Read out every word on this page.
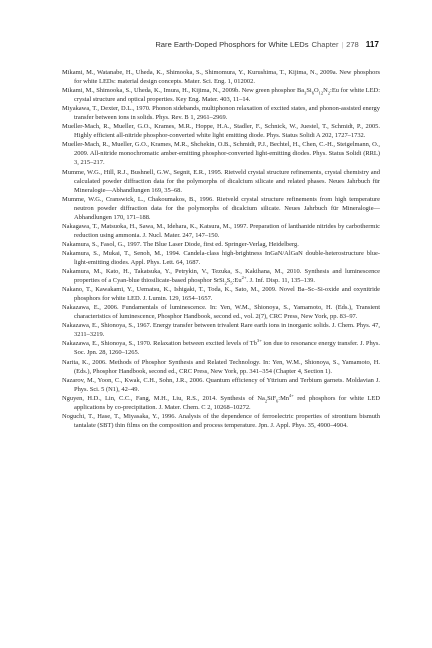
Rare Earth-Doped Phosphors for White LEDs Chapter | 278 117
Mikami, M., Watanabe, H., Uheda, K., Shimooka, S., Shimomura, Y., Kurushima, T., Kijima, N., 2009a. New phosphors for white LEDs: material design concepts. Mater. Sci. Eng. 1, 012002.
Mikami, M., Shimooka, S., Uheda, K., Imura, H., Kijima, N., 2009b. New green phosphor $Ba_3Si_6O_{12}N_2:Eu$ for white LED: crystal structure and optical properties. Key Eng. Mater. 403, 11–14.
Miyakawa, T., Dexter, D.L., 1970. Phonon sidebands, multiphonon relaxation of excited states, and phonon-assisted energy transfer between ions in solids. Phys. Rev. B 1, 2961–2969.
Mueller-Mach, R., Mueller, G.O., Krames, M.R., Hoppe, H.A., Stadler, F., Schnick, W., Juestel, T., Schmidt, P., 2005. Highly efficient all-nitride phosphor-converted white light emitting diode. Phys. Status Solidi A 202, 1727–1732.
Mueller-Mach, R., Mueller, G.O., Krames, M.R., Shchekin, O.B., Schmidt, P.J., Bechtel, H., Chen, C.-H., Steigelmann, O., 2009. All-nitride monochromatic amber-emitting phosphor-converted light-emitting diodes. Phys. Status Solidi (RRL) 3, 215–217.
Mumme, W.G., Hill, R.J., Bushnell, G.W., Segnit, E.R., 1995. Rietveld crystal structure refinements, crystal chemistry and calculated powder diffraction data for the polymorphs of dicalcium silicate and related phases. Neues Jahrbuch für Mineralogie—Abhandlungen 169, 35–68.
Mumme, W.G., Cranswick, L., Chakoumakos, B., 1996. Rietveld crystal structure refinements from high temperature neutron powder diffraction data for the polymorphs of dicalcium silicate. Neues Jahrbuch für Mineralogie—Abhandlungen 170, 171–188.
Nakagawa, T., Matsuoka, H., Sawa, M., Idehara, K., Katsura, M., 1997. Preparation of lanthanide nitrides by carbothermic reduction using ammonia. J. Nucl. Mater. 247, 147–150.
Nakamura, S., Fasol, G., 1997. The Blue Laser Diode, first ed. Springer-Verlag, Heidelberg.
Nakamura, S., Mukai, T., Senoh, M., 1994. Candela-class high-brightness InGaN/AlGaN double-heterostructure blue-light-emitting diodes. Appl. Phys. Lett. 64, 1687.
Nakamura, M., Kato, H., Takatsuka, Y., Petrykin, V., Tezuka, S., Kakihana, M., 2010. Synthesis and luminescence properties of a Cyan-blue thiosilicate-based phosphor $SrSi_2S_5:Eu^{2+}$. J. Inf. Disp. 11, 135–139.
Nakano, T., Kawakami, Y., Uematsu, K., Ishigaki, T., Toda, K., Sato, M., 2009. Novel Ba–Sc–Si-oxide and oxynitride phosphors for white LED. J. Lumin. 129, 1654–1657.
Nakazawa, E., 2006. Fundamentals of luminescence. In: Yen, W.M., Shionoya, S., Yamamoto, H. (Eds.), Transient characteristics of luminescence, Phosphor Handbook, second ed., vol. 2(7), CRC Press, New York, pp. 83–97.
Nakazawa, E., Shionoya, S., 1967. Energy transfer between trivalent Rare earth ions in inorganic solids. J. Chem. Phys. 47, 3211–3219.
Nakazawa, E., Shionoya, S., 1970. Relaxation between excited levels of $Tb^{3+}$ ion due to resonance energy transfer. J. Phys. Soc. Jpn. 28, 1260–1265.
Narita, K., 2006. Methods of Phosphor Synthesis and Related Technology. In: Yen, W.M., Shionoya, S., Yamamoto, H. (Eds.), Phosphor Handbook, second ed., CRC Press, New York, pp. 341–354 (Chapter 4, Section 1).
Nazarov, M., Yoon, C., Kwak, C.H., Sohn, J.R., 2006. Quantum efficiency of Yttrium and Terbium garnets. Moldavian J. Phys. Sci. 5 (N1), 42–49.
Nguyen, H.D., Lin, C.C., Fang, M.H., Liu, R.S., 2014. Synthesis of $Na_2SiF_6:Mn^{4+}$ red phosphors for white LED applications by co-precipitation. J. Mater. Chem. C 2, 10268–10272.
Noguchi, T., Hase, T., Miyasaka, Y., 1996. Analysis of the dependence of ferroelectric properties of strontium bismuth tantalate (SBT) thin films on the composition and process temperature. Jpn. J. Appl. Phys. 35, 4900–4904.
